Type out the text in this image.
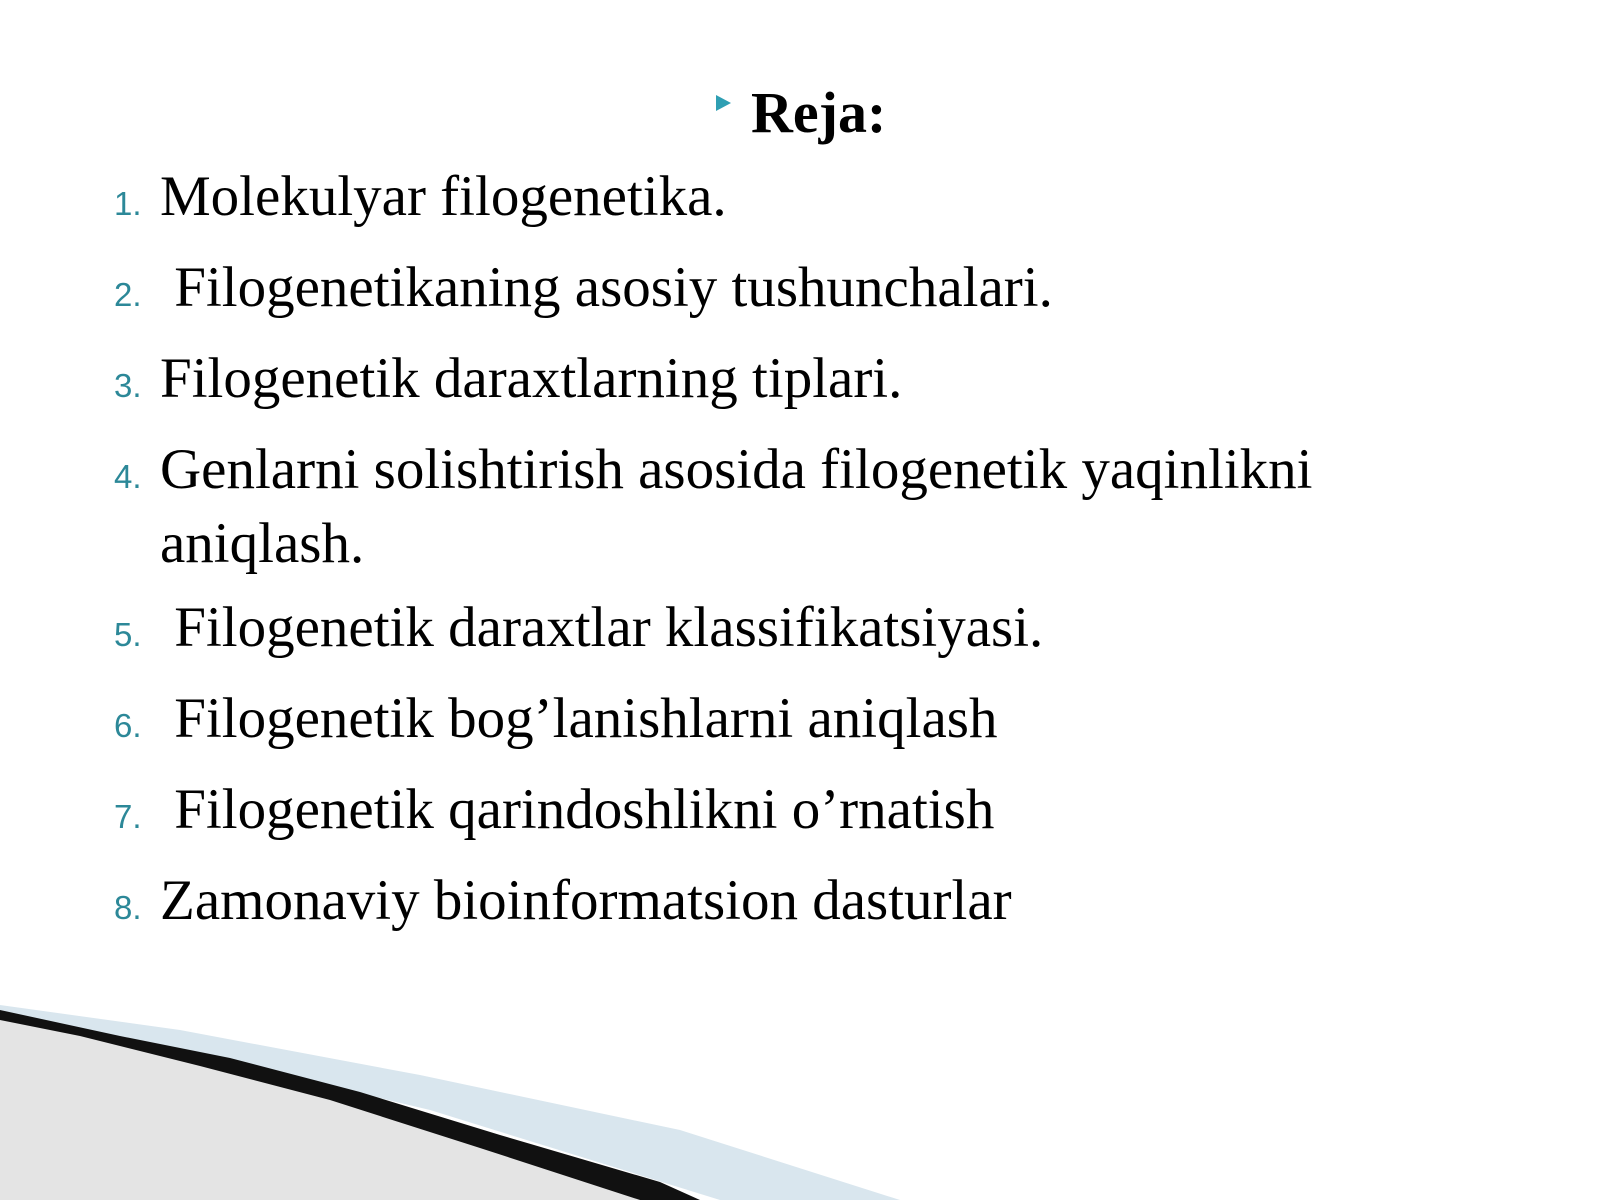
Reja:
1. Molekulyar filogenetika.
2. Filogenetikaning asosiy tushunchalari.
3. Filogenetik daraxtlarning tiplari.
4. Genlarni solishtirish asosida filogenetik yaqinlikni aniqlash.
5. Filogenetik daraxtlar klassifikatsiyasi.
6. Filogenetik bog’lanishlarni aniqlash
7. Filogenetik qarindoshlikni o’rnatish
8. Zamonaviy bioinformatsion dasturlar
